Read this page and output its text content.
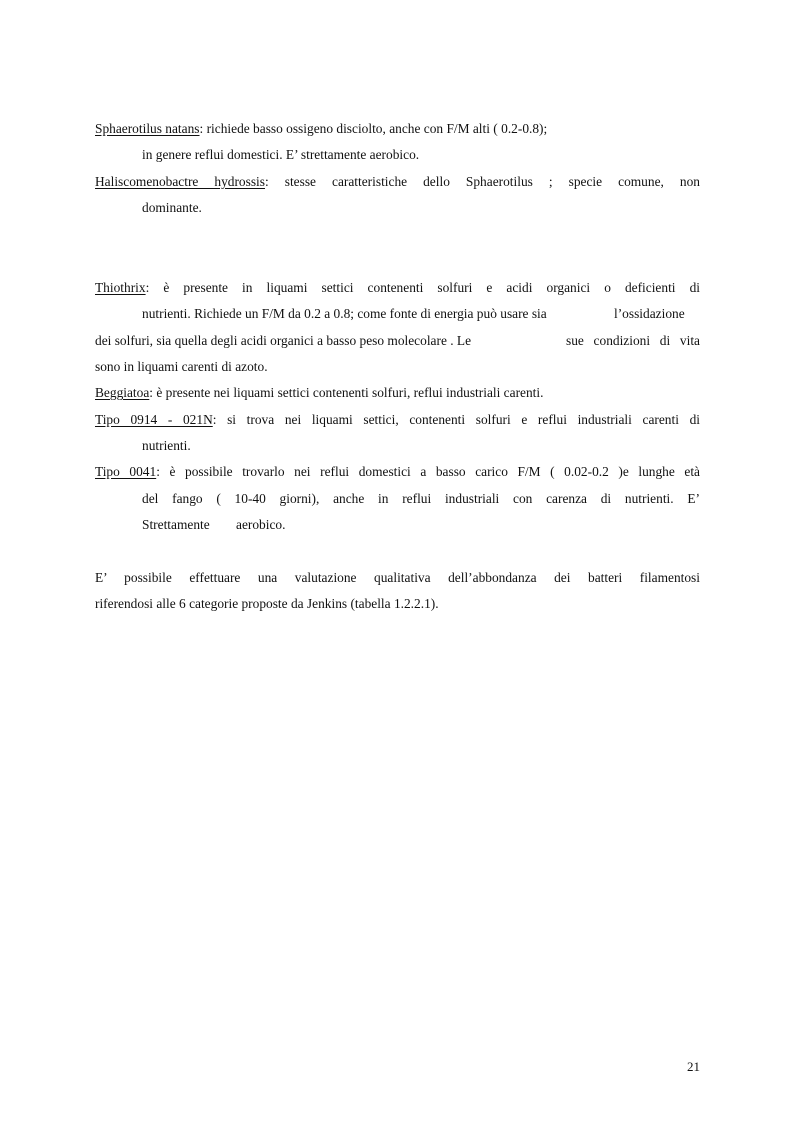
Sphaerotilus natans: richiede basso ossigeno disciolto, anche con F/M alti ( 0.2-0.8);
in genere reflui domestici. E’ strettamente aerobico.
Haliscomenobactre hydrossis: stesse caratteristiche dello Sphaerotilus ; specie comune, non
dominante.
Thiothrix: è presente in liquami settici contenenti solfuri e acidi organici o deficienti di
nutrienti. Richiede un F/M da 0.2 a 0.8; come fonte di energia può usare sia	l’ossidazione
dei solfuri, sia quella degli acidi organici a basso peso molecolare . Le	sue condizioni di vita
sono in liquami carenti di azoto.
Beggiatoa: è presente nei liquami settici contenenti solfuri, reflui industriali carenti.
Tipo 0914 - 021N: si trova nei liquami settici, contenenti solfuri e reflui industriali carenti di
nutrienti.
Tipo 0041: è possibile trovarlo nei reflui domestici a basso carico F/M ( 0.02-0.2 )e lunghe età
del fango ( 10-40 giorni), anche in reflui industriali con carenza di nutrienti. E’
Strettamente aerobico.
E’ possibile effettuare una valutazione qualitativa dell’abbondanza dei batteri filamentosi
riferendosi alle 6 categorie proposte da Jenkins (tabella 1.2.2.1).
21
